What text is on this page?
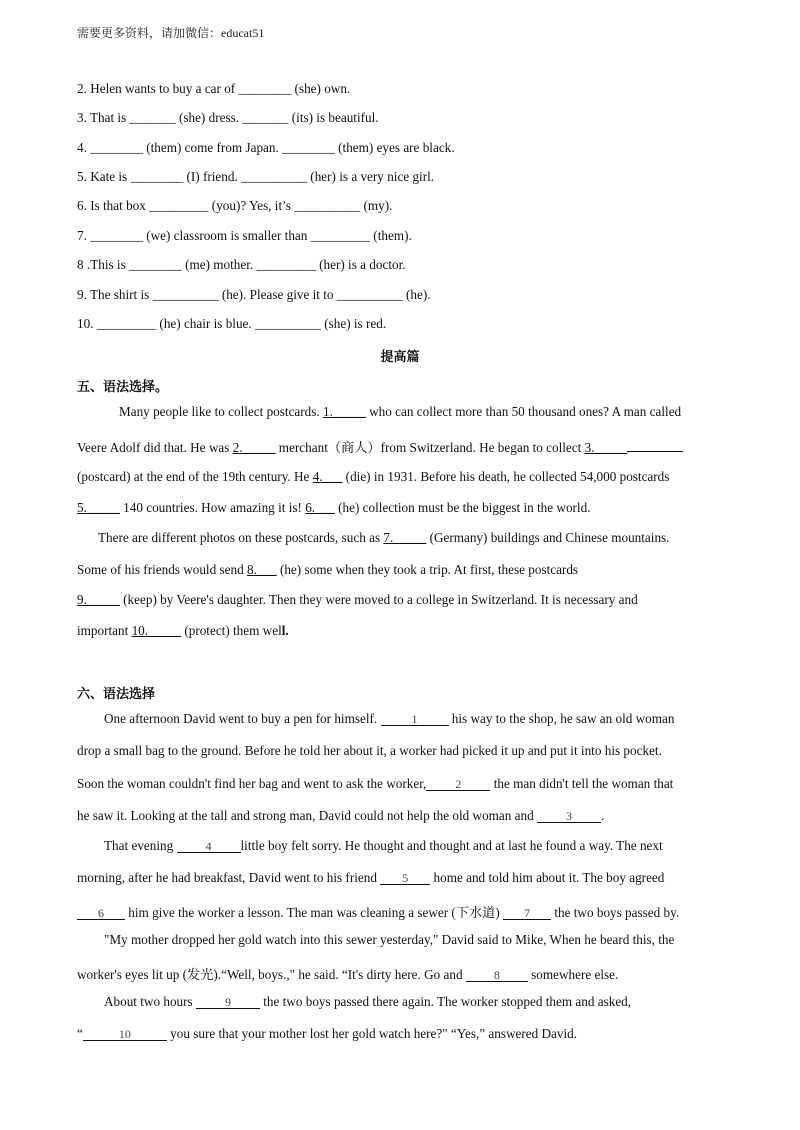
需要更多资料，请加微信：educat51
2. Helen wants to buy a car of ________ (she) own.
3. That is _______ (she) dress. _______ (its) is beautiful.
4. ________ (them) come from Japan. ________ (them) eyes are black.
5. Kate is ________ (I) friend. __________ (her) is a very nice girl.
6. Is that box _________ (you)? Yes, it’s __________ (my).
7. ________ (we) classroom is smaller than _________ (them).
8 .This is ________ (me) mother. _________ (her) is a doctor.
9. The shirt is __________ (he). Please give it to __________ (he).
10. _________ (he) chair is blue. __________ (she) is red.
提高篇
五、语法选择。
Many people like to collect postcards. 1._____ who can collect more than 50 thousand ones? A man called
Veere Adolf did that. He was 2._____ merchant（商人）from Switzerland. He began to collect 3._____
(postcard) at the end of the 19th century. He 4.___ (die) in 1931. Before his death, he collected 54,000 postcards
5._____ 140 countries. How amazing it is! 6.___ (he) collection must be the biggest in the world.
There are different photos on these postcards, such as 7._____ (Germany) buildings and Chinese mountains.
Some of his friends would send 8.___ (he) some when they took a trip. At first, these postcards
9._____ (keep) by Veere's daughter. Then they were moved to a college in Switzerland. It is necessary and
important 10._____ (protect) them well.
六、语法选择
One afternoon David went to buy a pen for himself.	1 his way to the shop, he saw an old woman
drop a small bag to the ground. Before he told her about it, a worker had picked it up and put it into his pocket.
Soon the woman couldn't find her bag and went to ask the worker, 2 the man didn't tell the woman that
he saw it. Looking at the tall and strong man, David could not help the old woman and 3 .
That evening 4 little boy felt sorry. He thought and thought and at last he found a way. The next
morning, after he had breakfast, David went to his friend 5 home and told him about it. The boy agreed
6 him give the worker a lesson. The man was cleaning a sewer (下水道) 7 the two boys passed by.
"My mother dropped her gold watch into this sewer yesterday," David said to Mike, When he beard this, the
worker's eyes lit up (发光).“Well, boys.," he said. “It's dirty here. Go and 8 somewhere else.
About two hours 9 the two boys passed there again. The worker stopped them and asked,
“	10	you sure that your mother lost her gold watch here?" “Yes,” answered David.
